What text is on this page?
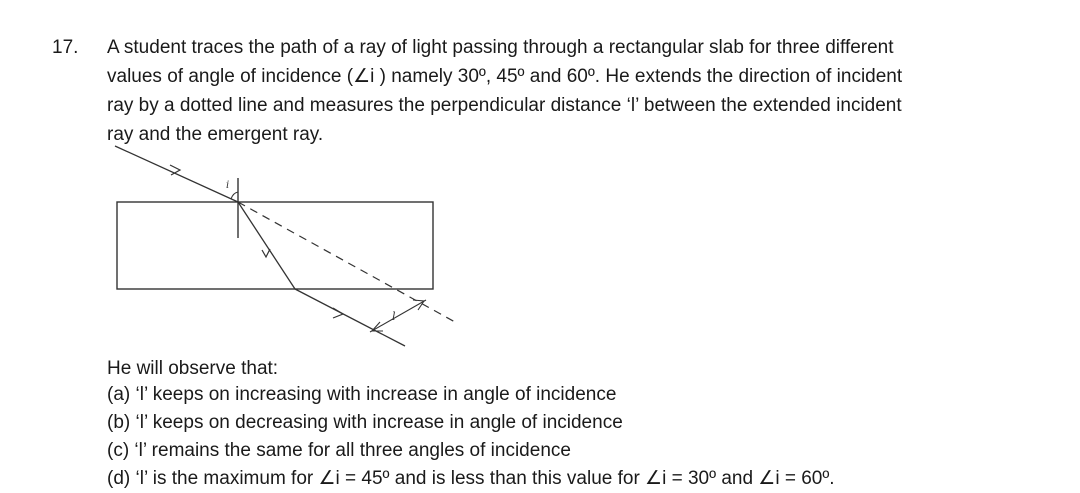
17. A student traces the path of a ray of light passing through a rectangular slab for three different
values of angle of incidence (∠i ) namely 30º, 45º and 60º. He extends the direction of incident
ray by a dotted line and measures the perpendicular distance ‘l’ between the extended incident
ray and the emergent ray.

i
l
He will observe that:
(a) ‘l’ keeps on increasing with increase in angle of incidence
(b) ‘l’ keeps on decreasing with increase in angle of incidence
(c) ‘l’ remains the same for all three angles of incidence
(d) ‘l’ is the maximum for ∠i = 45º and is less than this value for ∠i = 30º and ∠i = 60º.
